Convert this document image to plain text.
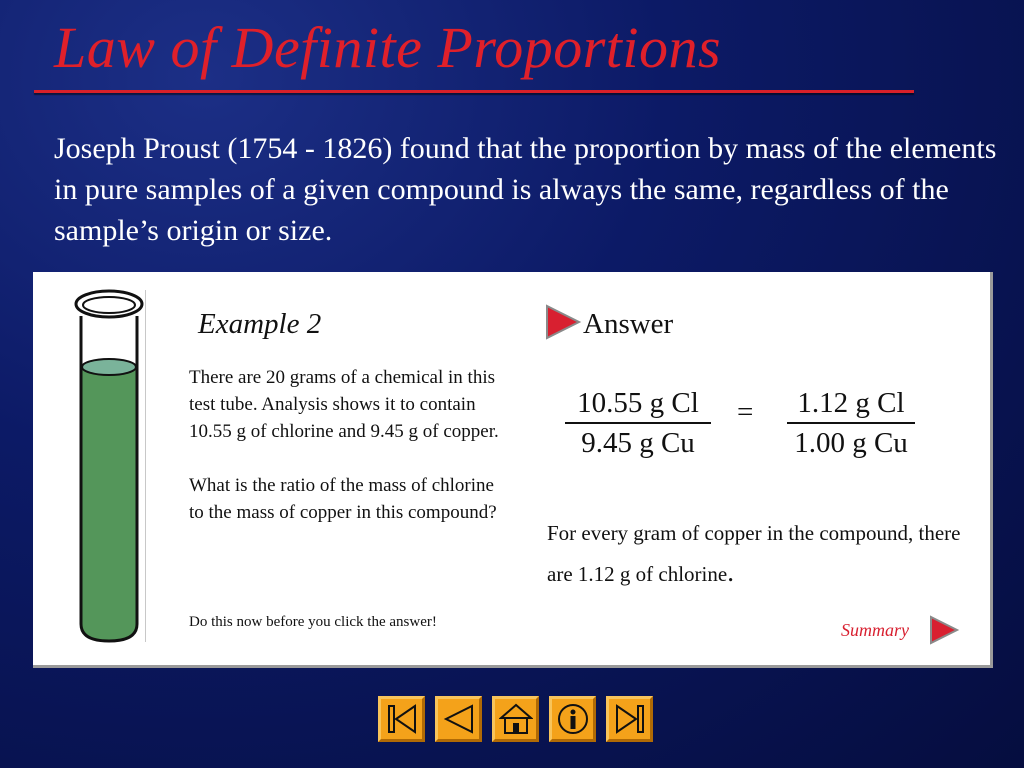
Law of Definite Proportions

Joseph Proust (1754 - 1826) found that the proportion by mass of the elements in pure samples of a given compound is always the same, regardless of the sample’s origin or size.

Example 2

There are 20 grams of a chemical in this test tube. Analysis shows it to contain 10.55 g of chlorine and 9.45 g of copper.

What is the ratio of the mass of chlorine to the mass of copper in this compound?

Do this now before you click the answer!
Answer
$\frac{\text{10.55 g Cl}}{\text{9.45 g Cu}} = \frac{\text{1.12 g Cl}}{\text{1.00 g Cu}}$
For every gram of copper in the compound, there are 1.12 g of chlorine.
Summary
